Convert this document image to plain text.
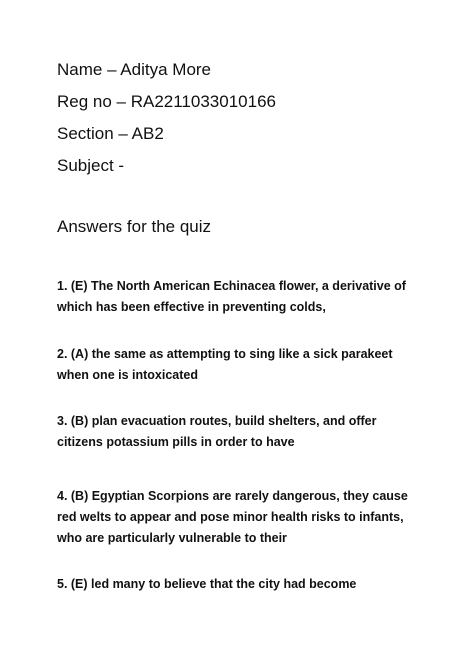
Name – Aditya More
Reg no – RA2211033010166
Section – AB2
Subject -
Answers for the quiz
1. (E) The North American Echinacea flower, a derivative of
which has been effective in preventing colds,
2. (A) the same as attempting to sing like a sick parakeet
when one is intoxicated
3. (B) plan evacuation routes, build shelters, and offer
citizens potassium pills in order to have
4. (B) Egyptian Scorpions are rarely dangerous, they cause
red welts to appear and pose minor health risks to infants,
who are particularly vulnerable to their
5. (E) led many to believe that the city had become
